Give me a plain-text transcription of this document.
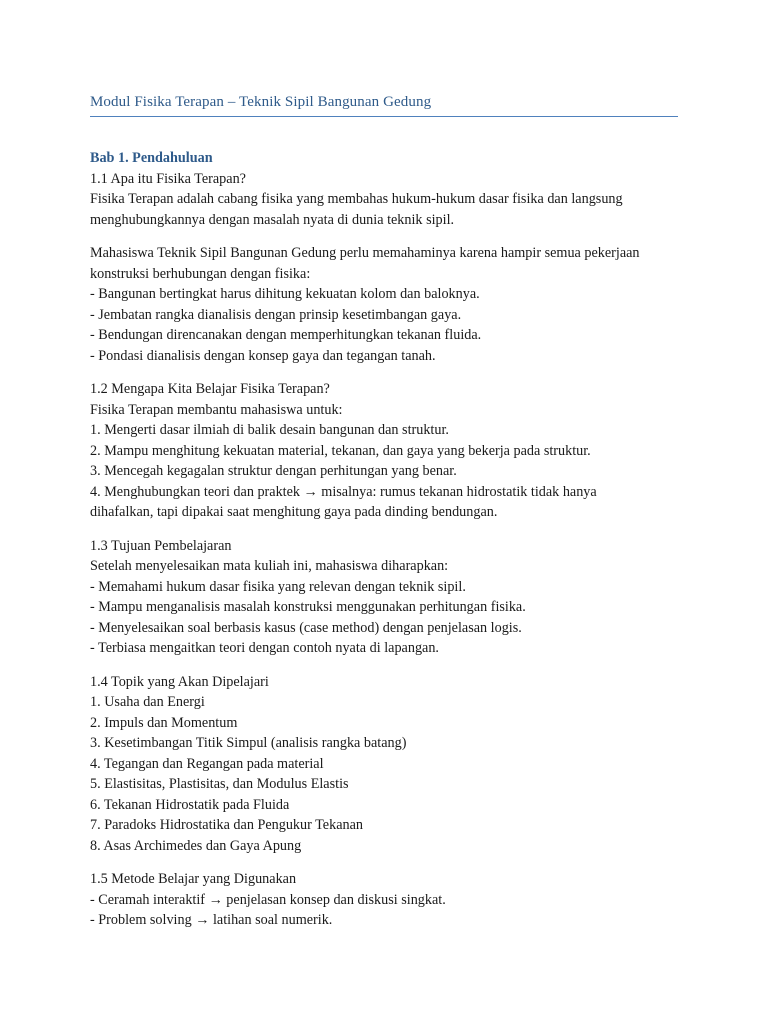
Modul Fisika Terapan – Teknik Sipil Bangunan Gedung
Bab 1. Pendahuluan
1.1 Apa itu Fisika Terapan?
Fisika Terapan adalah cabang fisika yang membahas hukum-hukum dasar fisika dan langsung
menghubungkannya dengan masalah nyata di dunia teknik sipil.
Mahasiswa Teknik Sipil Bangunan Gedung perlu memahaminya karena hampir semua pekerjaan
konstruksi berhubungan dengan fisika:
- Bangunan bertingkat harus dihitung kekuatan kolom dan baloknya.
- Jembatan rangka dianalisis dengan prinsip kesetimbangan gaya.
- Bendungan direncanakan dengan memperhitungkan tekanan fluida.
- Pondasi dianalisis dengan konsep gaya dan tegangan tanah.
1.2 Mengapa Kita Belajar Fisika Terapan?
Fisika Terapan membantu mahasiswa untuk:
1. Mengerti dasar ilmiah di balik desain bangunan dan struktur.
2. Mampu menghitung kekuatan material, tekanan, dan gaya yang bekerja pada struktur.
3. Mencegah kegagalan struktur dengan perhitungan yang benar.
4. Menghubungkan teori dan praktek → misalnya: rumus tekanan hidrostatik tidak hanya
dihafalkan, tapi dipakai saat menghitung gaya pada dinding bendungan.
1.3 Tujuan Pembelajaran
Setelah menyelesaikan mata kuliah ini, mahasiswa diharapkan:
- Memahami hukum dasar fisika yang relevan dengan teknik sipil.
- Mampu menganalisis masalah konstruksi menggunakan perhitungan fisika.
- Menyelesaikan soal berbasis kasus (case method) dengan penjelasan logis.
- Terbiasa mengaitkan teori dengan contoh nyata di lapangan.
1.4 Topik yang Akan Dipelajari
1. Usaha dan Energi
2. Impuls dan Momentum
3. Kesetimbangan Titik Simpul (analisis rangka batang)
4. Tegangan dan Regangan pada material
5. Elastisitas, Plastisitas, dan Modulus Elastis
6. Tekanan Hidrostatik pada Fluida
7. Paradoks Hidrostatika dan Pengukur Tekanan
8. Asas Archimedes dan Gaya Apung
1.5 Metode Belajar yang Digunakan
- Ceramah interaktif → penjelasan konsep dan diskusi singkat.
- Problem solving → latihan soal numerik.
